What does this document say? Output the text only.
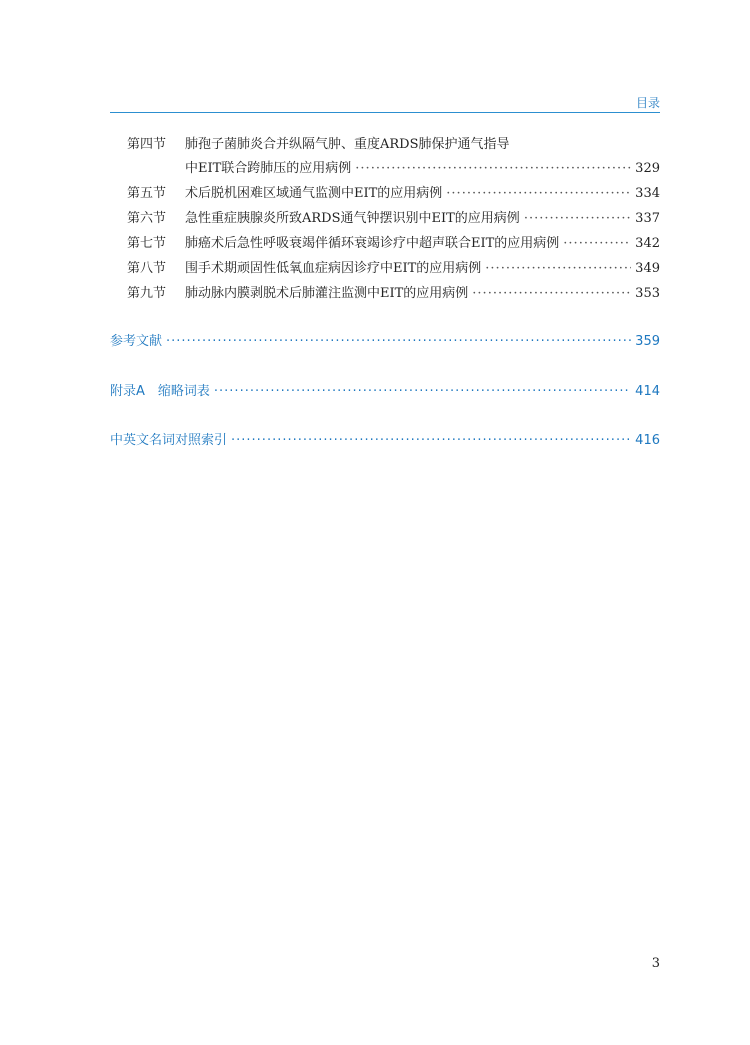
目录
第四节	肺孢子菌肺炎合并纵隔气肿、重度ARDS肺保护通气指导
中EIT联合跨肺压的应用病例 ·····	329
第五节	术后脱机困难区域通气监测中EIT的应用病例 ·····	334
第六节	急性重症胰腺炎所致ARDS通气钟摆识别中EIT的应用病例 ·····	337
第七节	肺癌术后急性呼吸衰竭伴循环衰竭诊疗中超声联合EIT的应用病例 ·····	342
第八节	围手术期顽固性低氧血症病因诊疗中EIT的应用病例 ·····	349
第九节	肺动脉内膜剥脱术后肺灌注监测中EIT的应用病例 ·····	353
参考文献 ·····	359
附录A　缩略词表 ·····	414
中英文名词对照索引 ·····	416
3
